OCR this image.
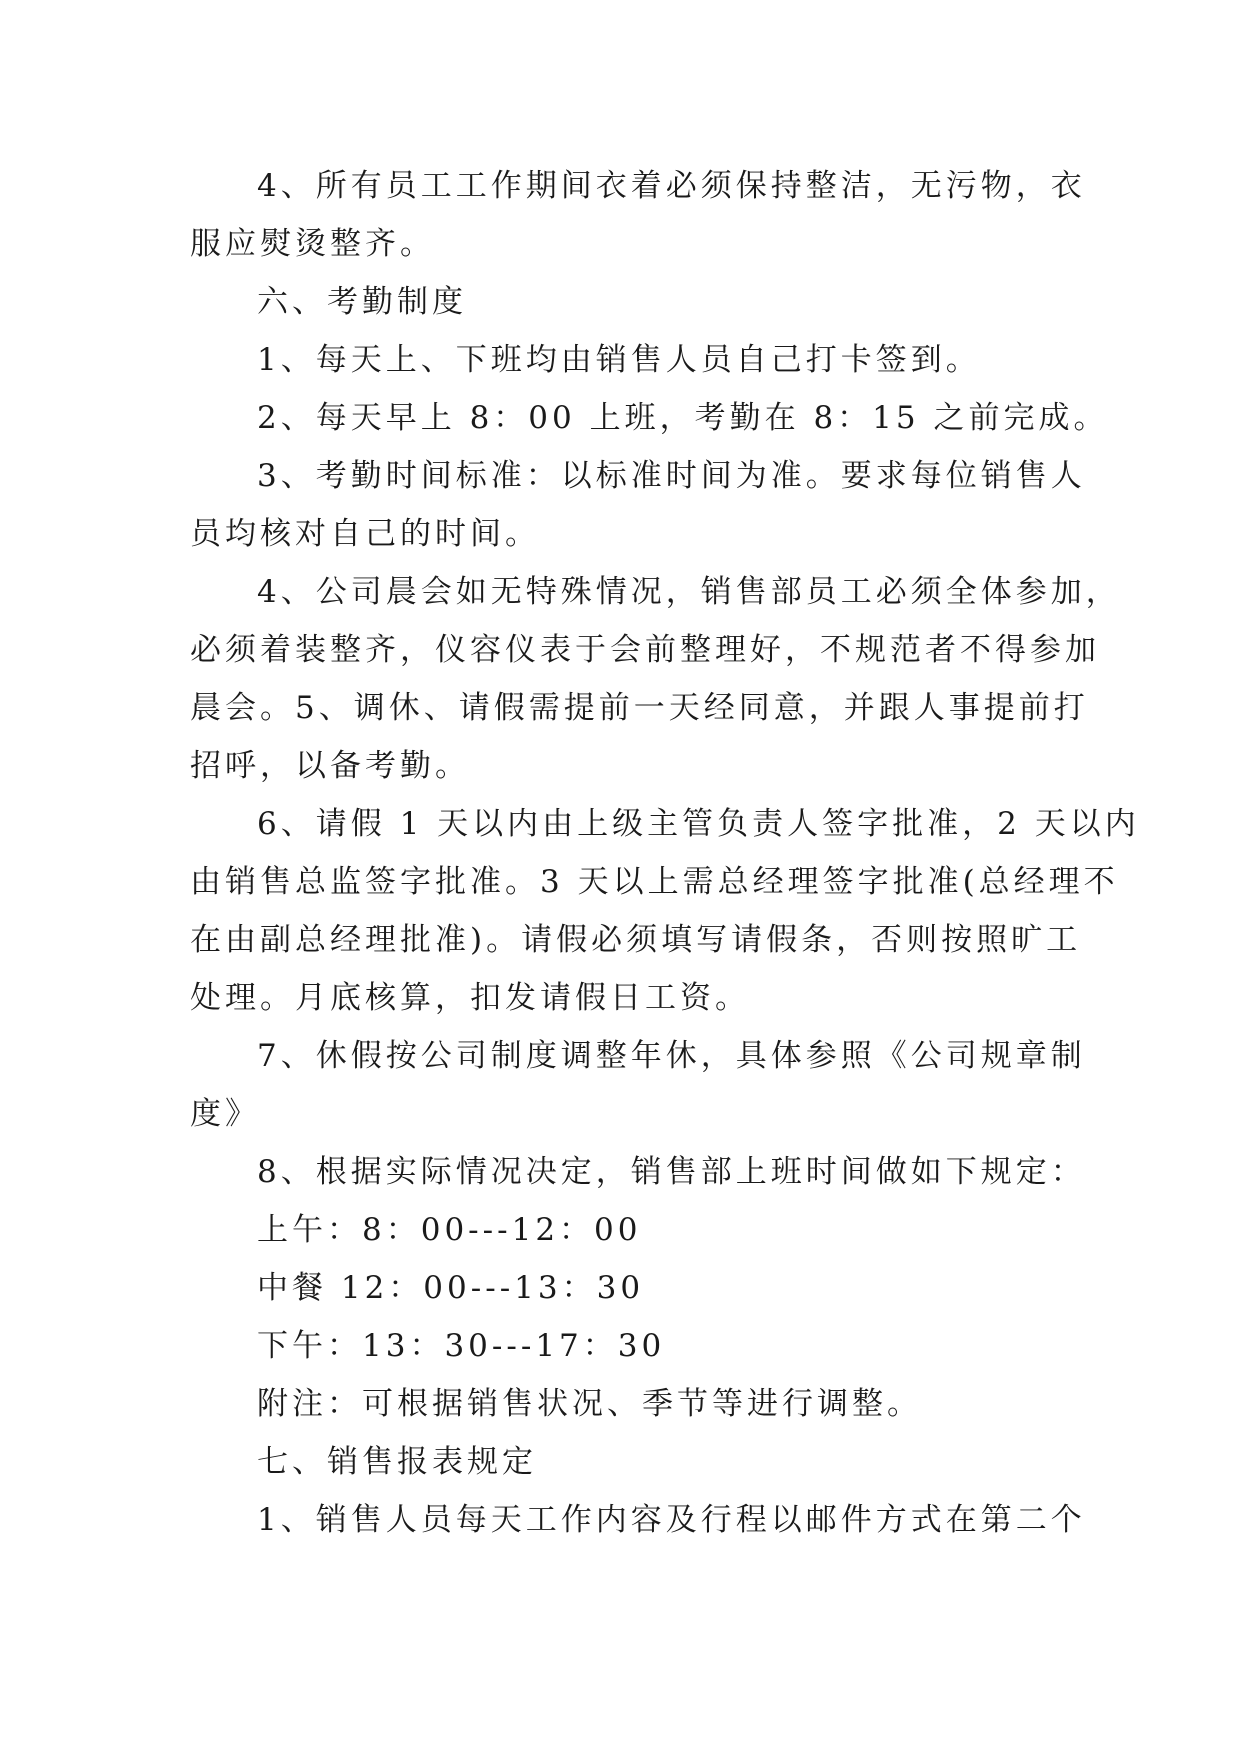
4、所有员工工作期间衣着必须保持整洁，无污物，衣
服应熨烫整齐。
六、考勤制度
1、每天上、下班均由销售人员自己打卡签到。
2、每天早上 8：00 上班，考勤在 8：15 之前完成。
3、考勤时间标准：以标准时间为准。要求每位销售人
员均核对自己的时间。
4、公司晨会如无特殊情况，销售部员工必须全体参加，
必须着装整齐，仪容仪表于会前整理好，不规范者不得参加
晨会。5、调休、请假需提前一天经同意，并跟人事提前打
招呼，以备考勤。
6、请假 1 天以内由上级主管负责人签字批准，2 天以内
由销售总监签字批准。3 天以上需总经理签字批准(总经理不
在由副总经理批准)。请假必须填写请假条，否则按照旷工
处理。月底核算，扣发请假日工资。
7、休假按公司制度调整年休，具体参照《公司规章制
度》
8、根据实际情况决定，销售部上班时间做如下规定：
上午：8：00---12：00
中餐 12：00---13：30
下午：13：30---17：30
附注：可根据销售状况、季节等进行调整。
七、销售报表规定
1、销售人员每天工作内容及行程以邮件方式在第二个
